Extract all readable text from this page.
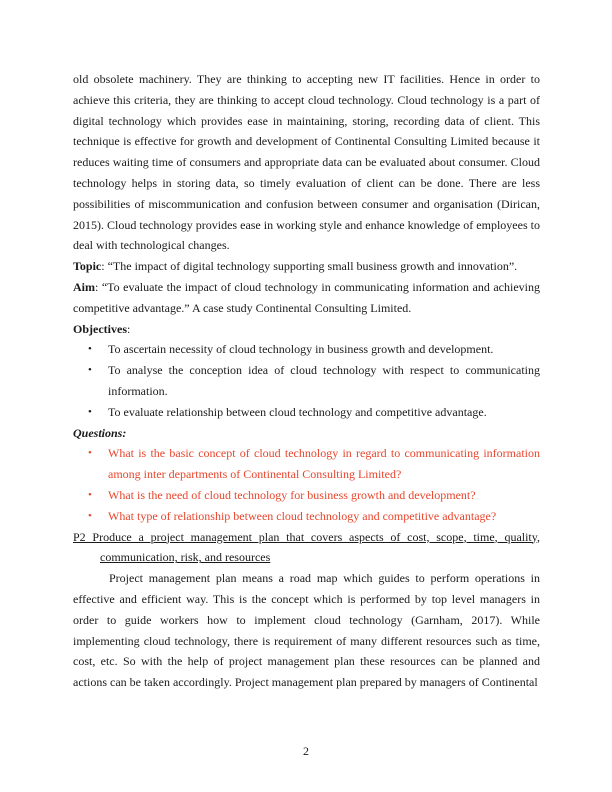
old obsolete machinery. They are thinking to accepting new IT facilities. Hence in order to achieve this criteria, they are thinking to accept cloud technology. Cloud technology is a part of digital technology which provides ease in maintaining, storing, recording data of client. This technique is effective for growth and development of Continental Consulting Limited because it reduces waiting time of consumers and appropriate data can be evaluated about consumer. Cloud technology helps in storing data, so timely evaluation of client can be done. There are less possibilities of miscommunication and confusion between consumer and organisation (Dirican, 2015). Cloud technology provides ease in working style and enhance knowledge of employees to deal with technological changes.

Topic: “The impact of digital technology supporting small business growth and innovation”.

Aim: “To evaluate the impact of cloud technology in communicating information and achieving competitive advantage.” A case study Continental Consulting Limited.

Objectives:

• To ascertain necessity of cloud technology in business growth and development.
• To analyse the conception idea of cloud technology with respect to communicating information.
• To evaluate relationship between cloud technology and competitive advantage.

Questions:

• What is the basic concept of cloud technology in regard to communicating information among inter departments of Continental Consulting Limited?
• What is the need of cloud technology for business growth and development?
• What type of relationship between cloud technology and competitive advantage?

P2 Produce a project management plan that covers aspects of cost, scope, time, quality, communication, risk, and resources

Project management plan means a road map which guides to perform operations in effective and efficient way. This is the concept which is performed by top level managers in order to guide workers how to implement cloud technology (Garnham, 2017). While implementing cloud technology, there is requirement of many different resources such as time, cost, etc. So with the help of project management plan these resources can be planned and actions can be taken accordingly. Project management plan prepared by managers of Continental

2
